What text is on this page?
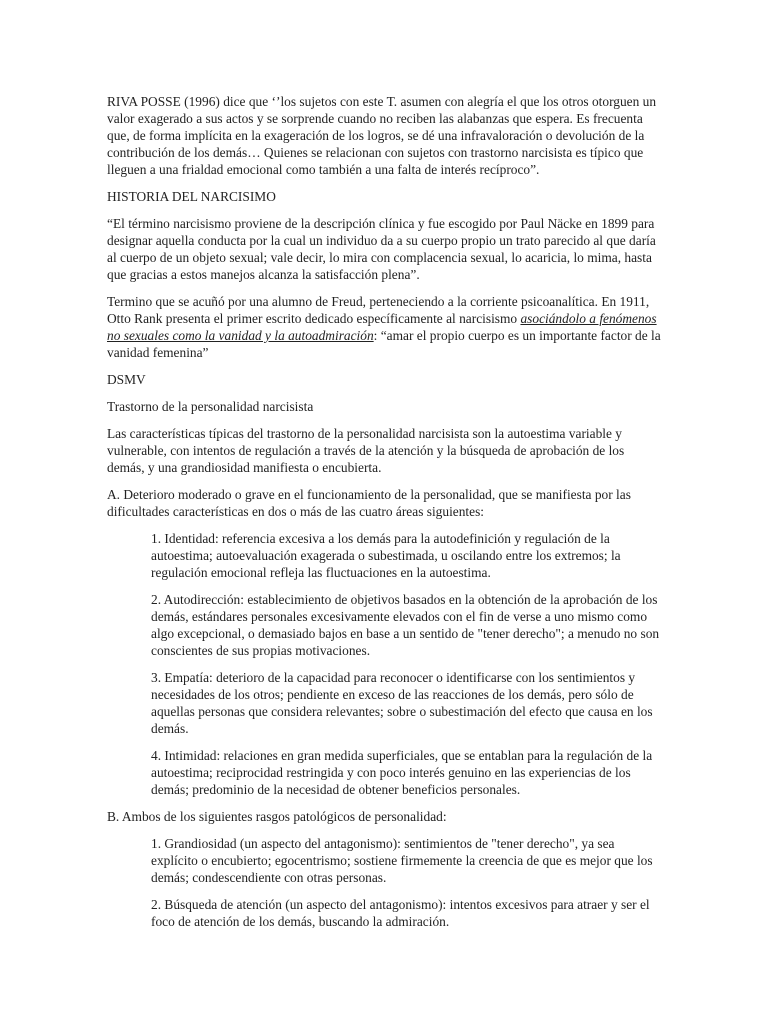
RIVA POSSE (1996) dice que ‘’los sujetos con este T. asumen con alegría el que los otros otorguen un valor exagerado a sus actos y se sorprende cuando no reciben las alabanzas que espera. Es frecuenta que, de forma implícita en la exageración de los logros, se dé una infravaloración o devolución de la contribución de los demás… Quienes se relacionan con sujetos con trastorno narcisista es típico que lleguen a una frialdad emocional como también a una falta de interés recíproco”.

HISTORIA DEL NARCISIMO

“El término narcisismo proviene de la descripción clínica y fue escogido por Paul Näcke en 1899 para designar aquella conducta por la cual un individuo da a su cuerpo propio un trato parecido al que daría al cuerpo de un objeto sexual; vale decir, lo mira con complacencia sexual, lo acaricia, lo mima, hasta que gracias a estos manejos alcanza la satisfacción plena”.

Termino que se acuñó por una alumno de Freud, perteneciendo a la corriente psicoanalítica. En 1911, Otto Rank presenta el primer escrito dedicado específicamente al narcisismo asociándolo a fenómenos no sexuales como la vanidad y la autoadmiración: “amar el propio cuerpo es un importante factor de la vanidad femenina”

DSMV

Trastorno de la personalidad narcisista

Las características típicas del trastorno de la personalidad narcisista son la autoestima variable y vulnerable, con intentos de regulación a través de la atención y la búsqueda de aprobación de los demás, y una grandiosidad manifiesta o encubierta.

A. Deterioro moderado o grave en el funcionamiento de la personalidad, que se manifiesta por las dificultades características en dos o más de las cuatro áreas siguientes:

1. Identidad: referencia excesiva a los demás para la autodefinición y regulación de la autoestima; autoevaluación exagerada o subestimada, u oscilando entre los extremos; la regulación emocional refleja las fluctuaciones en la autoestima.

2. Autodirección: establecimiento de objetivos basados en la obtención de la aprobación de los demás, estándares personales excesivamente elevados con el fin de verse a uno mismo como algo excepcional, o demasiado bajos en base a un sentido de "tener derecho"; a menudo no son conscientes de sus propias motivaciones.

3. Empatía: deterioro de la capacidad para reconocer o identificarse con los sentimientos y necesidades de los otros; pendiente en exceso de las reacciones de los demás, pero sólo de aquellas personas que considera relevantes; sobre o subestimación del efecto que causa en los demás.

4. Intimidad: relaciones en gran medida superficiales, que se entablan para la regulación de la autoestima; reciprocidad restringida y con poco interés genuino en las experiencias de los demás; predominio de la necesidad de obtener beneficios personales.

B. Ambos de los siguientes rasgos patológicos de personalidad:

1. Grandiosidad (un aspecto del antagonismo): sentimientos de "tener derecho", ya sea explícito o encubierto; egocentrismo; sostiene firmemente la creencia de que es mejor que los demás; condescendiente con otras personas.

2. Búsqueda de atención (un aspecto del antagonismo): intentos excesivos para atraer y ser el foco de atención de los demás, buscando la admiración.
